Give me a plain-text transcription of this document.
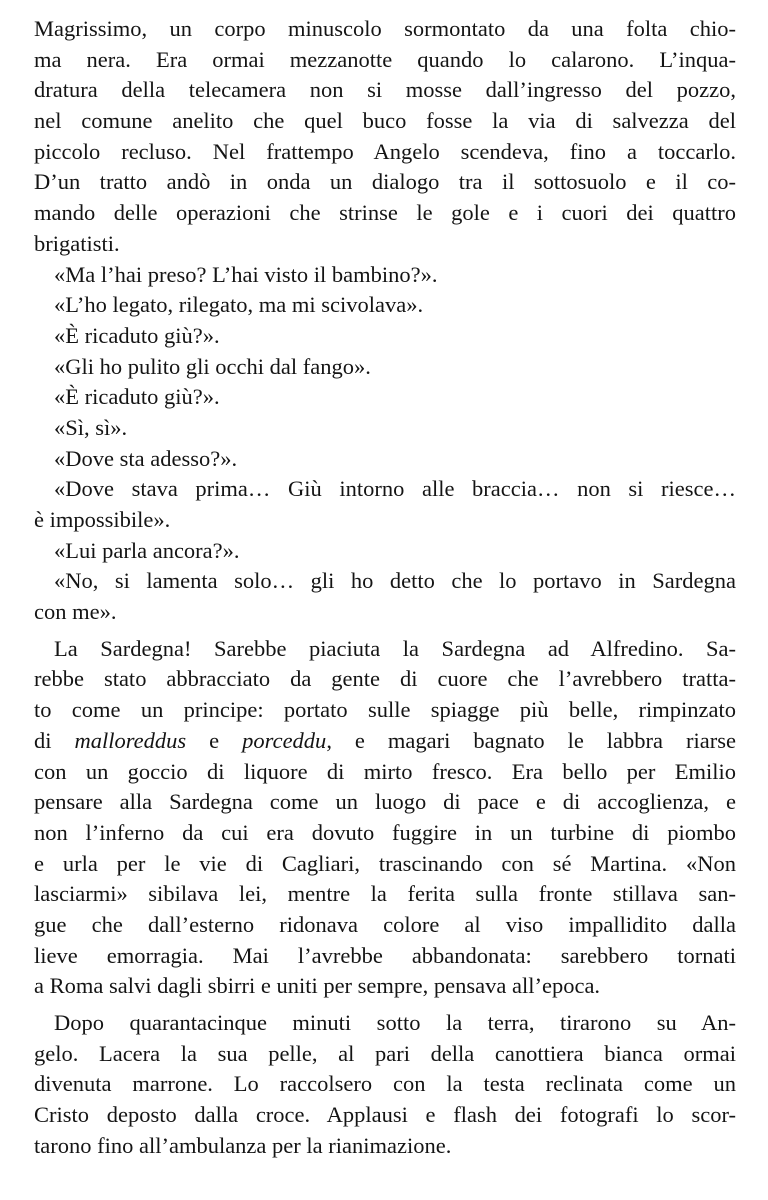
Magrissimo, un corpo minuscolo sormontato da una folta chio-
ma nera. Era ormai mezzanotte quando lo calarono. L’inqua-
dratura della telecamera non si mosse dall’ingresso del pozzo,
nel comune anelito che quel buco fosse la via di salvezza del
piccolo recluso. Nel frattempo Angelo scendeva, fino a toccarlo.
D’un tratto andò in onda un dialogo tra il sottosuolo e il co-
mando delle operazioni che strinse le gole e i cuori dei quattro
brigatisti.
«Ma l’hai preso? L’hai visto il bambino?».
«L’ho legato, rilegato, ma mi scivolava».
«È ricaduto giù?».
«Gli ho pulito gli occhi dal fango».
«È ricaduto giù?».
«Sì, sì».
«Dove sta adesso?».
«Dove stava prima… Giù intorno alle braccia… non si riesce…
è impossibile».
«Lui parla ancora?».
«No, si lamenta solo… gli ho detto che lo portavo in Sardegna
con me».
La Sardegna! Sarebbe piaciuta la Sardegna ad Alfredino. Sa-
rebbe stato abbracciato da gente di cuore che l’avrebbero tratta-
to come un principe: portato sulle spiagge più belle, rimpinzato
di malloreddus e porceddu, e magari bagnato le labbra riarse
con un goccio di liquore di mirto fresco. Era bello per Emilio
pensare alla Sardegna come un luogo di pace e di accoglienza, e
non l’inferno da cui era dovuto fuggire in un turbine di piombo
e urla per le vie di Cagliari, trascinando con sé Martina. «Non
lasciarmi» sibilava lei, mentre la ferita sulla fronte stillava san-
gue che dall’esterno ridonava colore al viso impallidito dalla
lieve emorragia. Mai l’avrebbe abbandonata: sarebbero tornati
a Roma salvi dagli sbirri e uniti per sempre, pensava all’epoca.
Dopo quarantacinque minuti sotto la terra, tirarono su An-
gelo. Lacera la sua pelle, al pari della canottiera bianca ormai
divenuta marrone. Lo raccolsero con la testa reclinata come un
Cristo deposto dalla croce. Applausi e flash dei fotografi lo scor-
tarono fino all’ambulanza per la rianimazione.
